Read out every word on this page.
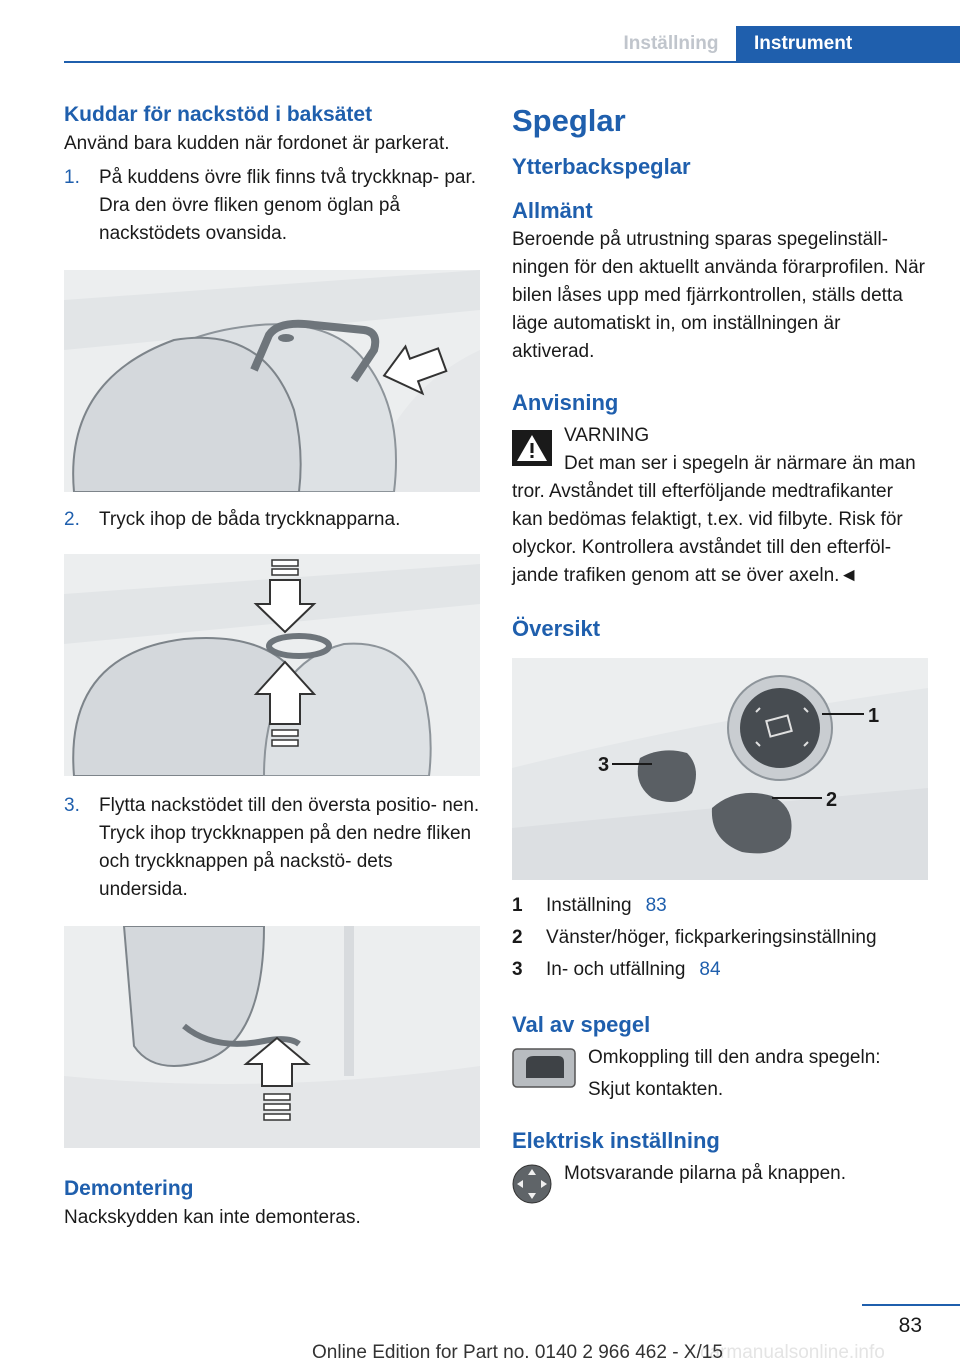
Inställning	Instrument
Kuddar för nackstöd i baksätet

Använd bara kudden när fordonet är parkerat.

1.	På kuddens övre flik finns två tryckknap‐ par. Dra den övre fliken genom öglan på nackstödets ovansida.
2.	Tryck ihop de båda tryckknapparna.
3.	Flytta nackstödet till den översta positio‐ nen. Tryck ihop tryckknappen på den nedre fliken och tryckknappen på nackstö‐ dets undersida.
Demontering

Nackskydden kan inte demonteras.

Speglar
Ytterbackspeglar
Allmänt

Beroende på utrustning sparas spegelinställ‐ ningen för den aktuellt använda förarprofilen. När bilen låses upp med fjärrkontrollen, ställs detta läge automatiskt in, om inställningen är aktiverad.

Anvisning

VARNING

Det man ser i spegeln är närmare än man tror. Avståndet till efterföljande medtrafikanter kan bedömas felaktigt, t.ex. vid filbyte. Risk för olyckor. Kontrollera avståndet till den efterföl‐ jande trafiken genom att se över axeln.◄

Översikt
1
2
3
1	Inställning 83
2	Vänster/höger, fickparkeringsinställning
3	In- och utfällning 84
Val av spegel

Omkoppling till den andra spegeln:

Skjut kontakten.

Elektrisk inställning

Motsvarande pilarna på knappen.

83
carmanualsonline.info
Online Edition for Part no. 0140 2 966 462 - X/15
